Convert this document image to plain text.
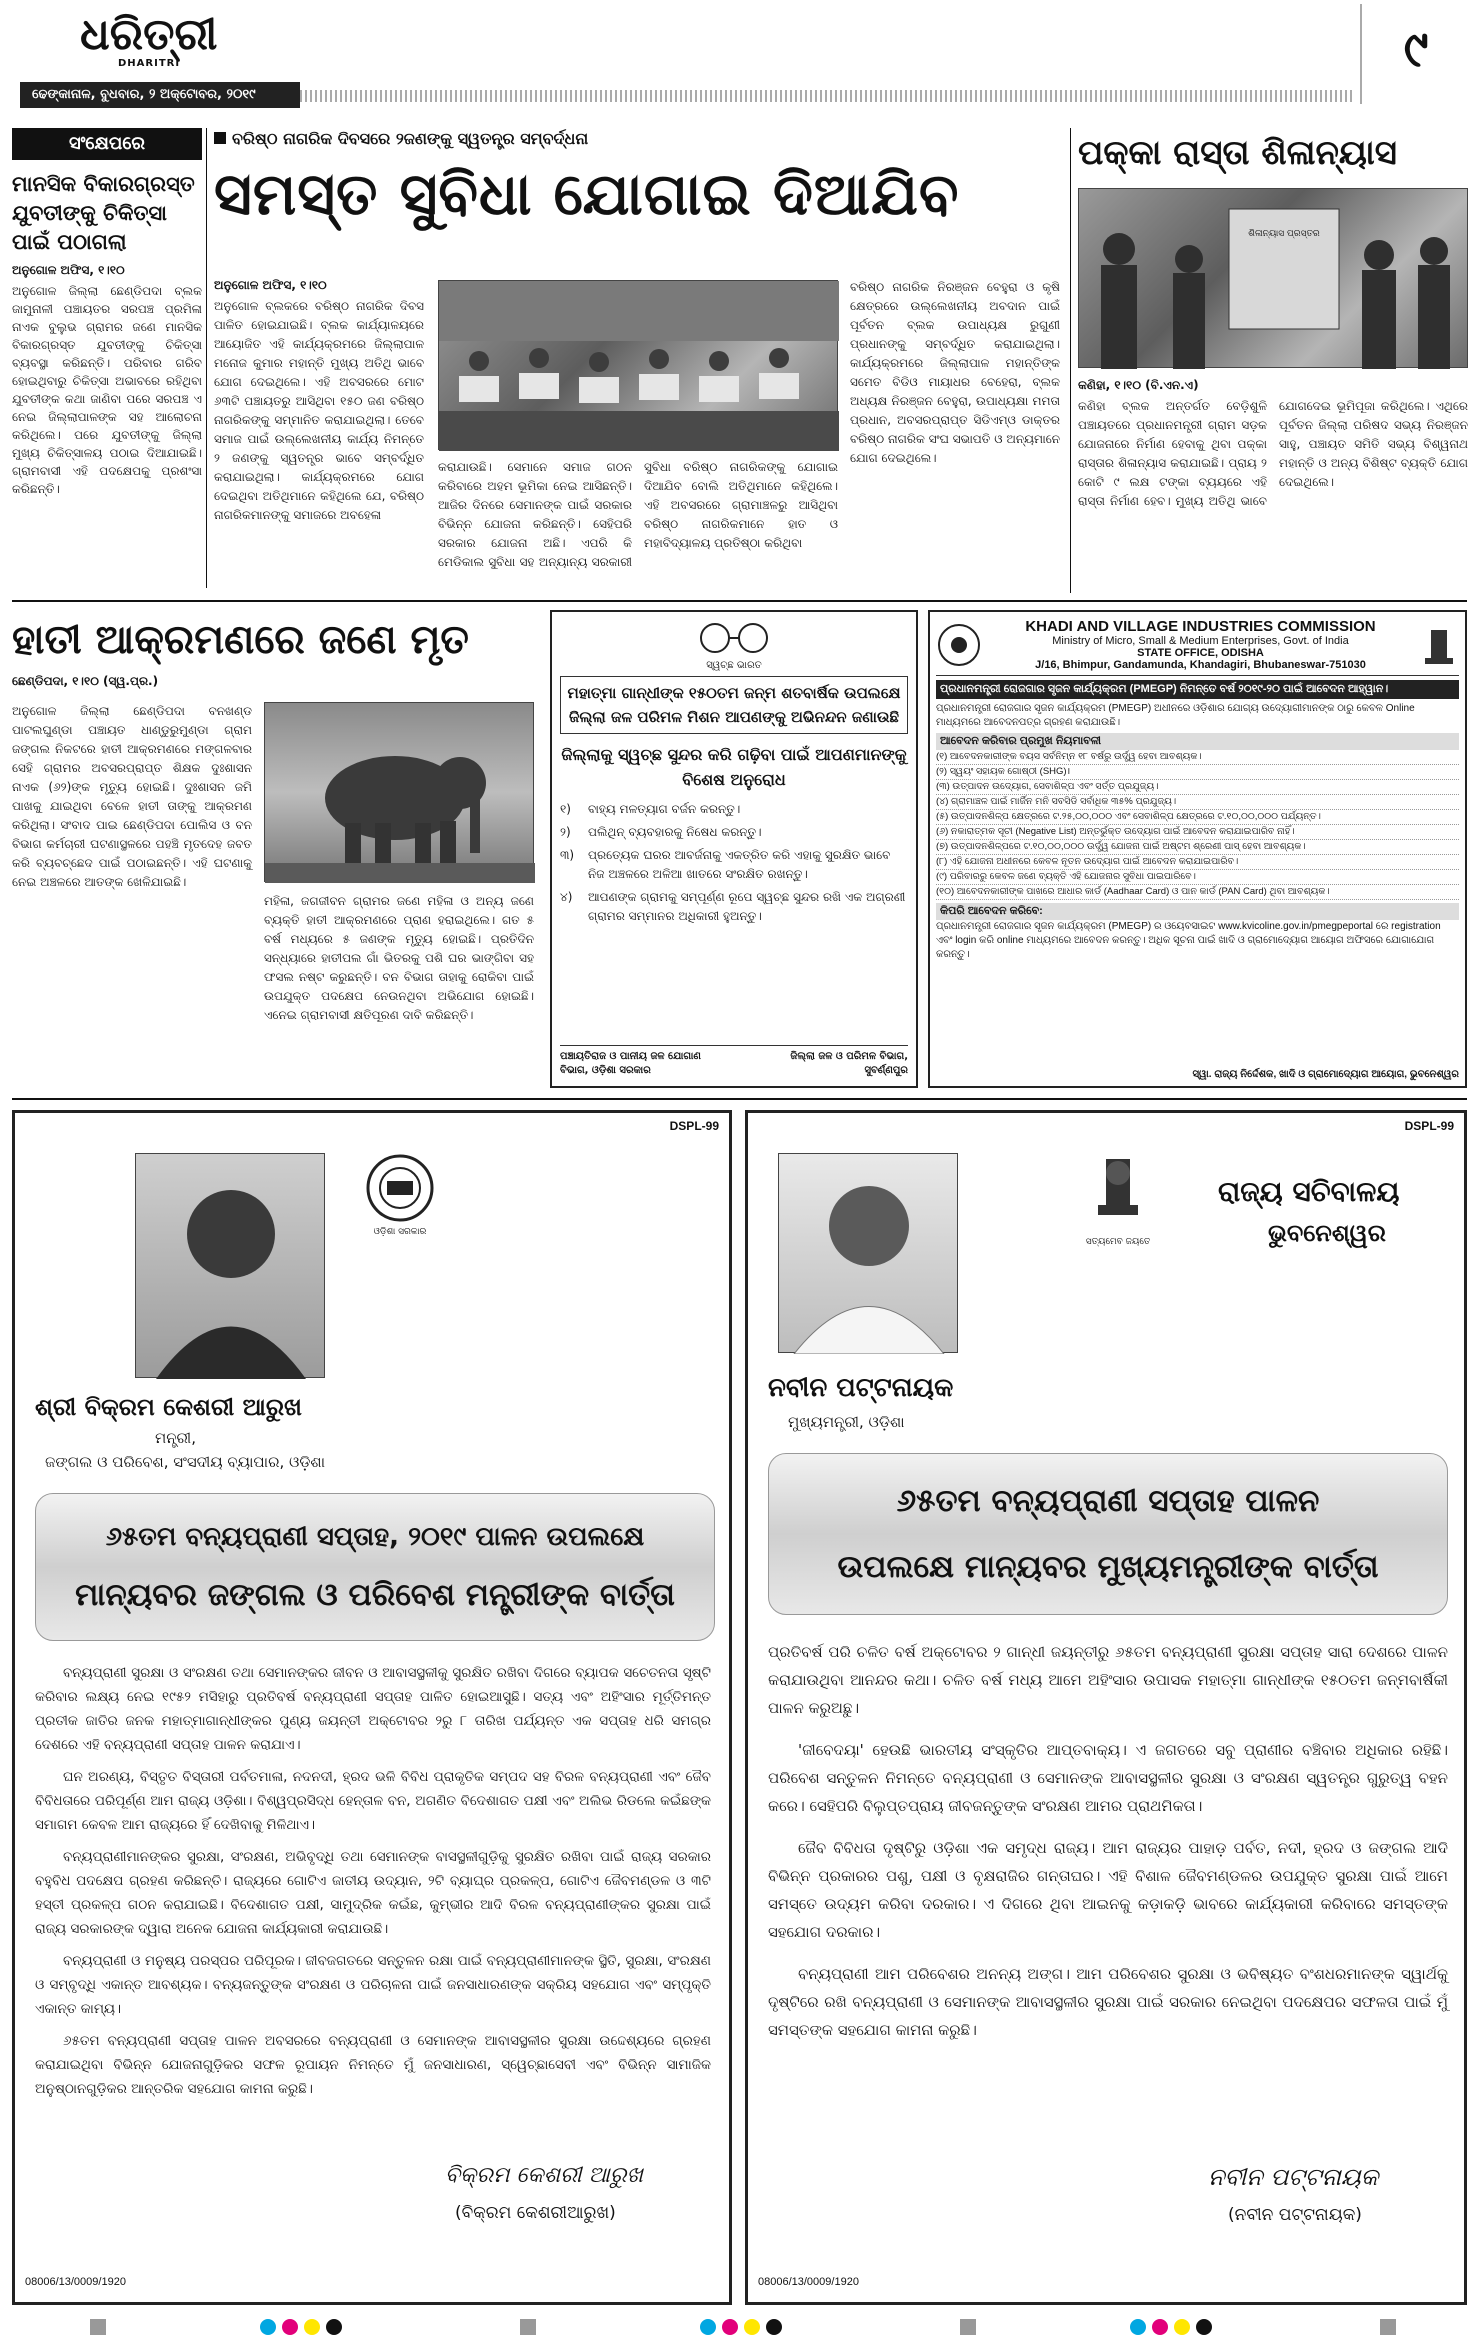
ଧରିତ୍ରୀ
DHARITRI
ଢେଙ୍କାନାଳ, ବୁଧବାର, ୨ ଅକ୍ଟୋବର, ୨୦୧୯
୯
ସଂକ୍ଷେପରେ
ମାନସିକ ବିକାରଗ୍ରସ୍ତ ଯୁବତୀଙ୍କୁ ଚିକିତ୍ସା ପାଇଁ ପଠାଗଲା
ଅନୁଗୋଳ ଅଫିସ, ୧।୧୦
ଅନୁଗୋଳ ଜିଲ୍ଲା ଛେଣ୍ଡିପଦା ବ୍ଲକ ଜାମୁନାଳୀ ପଞ୍ଚାୟତର ସରପଞ୍ଚ ପ୍ରମିଳା ନାଏକ ବୁଲୁଭ ଗ୍ରାମର ଜଣେ ମାନସିକ ବିକାରଗ୍ରସ୍ତ ଯୁବତୀଙ୍କୁ ଚିକିତ୍ସା ବ୍ୟବସ୍ଥା କରିଛନ୍ତି। ପରିବାର ଗରିବ ହୋଇଥିବାରୁ ଚିକିତ୍ସା ଅଭାବରେ ରହିଥିବା ଯୁବତୀଙ୍କ କଥା ଜାଣିବା ପରେ ସରପଞ୍ଚ ଏ ନେଇ ଜିଲ୍ଲାପାଳଙ୍କ ସହ ଆଲୋଚନା କରିଥିଲେ। ପରେ ଯୁବତୀଙ୍କୁ ଜିଲ୍ଲା ମୁଖ୍ୟ ଚିକିତ୍ସାଳୟ ପଠାଇ ଦିଆଯାଇଛି। ଗ୍ରାମବାସୀ ଏହି ପଦକ୍ଷେପକୁ ପ୍ରଶଂସା କରିଛନ୍ତି।
ବରିଷ୍ଠ ନାଗରିକ ଦିବସରେ ୨ଜଣଙ୍କୁ ସ୍ୱତନ୍ତ୍ର ସମ୍ବର୍ଦ୍ଧନା
ସମସ୍ତ ସୁବିଧା ଯୋଗାଇ ଦିଆଯିବ
ଅନୁଗୋଳ ଅଫିସ, ୧।୧୦
ଅନୁଗୋଳ ବ୍ଲକରେ ବରିଷ୍ଠ ନାଗରିକ ଦିବସ ପାଳିତ ହୋଇଯାଇଛି। ବ୍ଲକ କାର୍ଯ୍ୟାଳୟରେ ଆୟୋଜିତ ଏହି କାର୍ଯ୍ୟକ୍ରମରେ ଜିଲ୍ଲାପାଳ ମନୋଜ କୁମାର ମହାନ୍ତି ମୁଖ୍ୟ ଅତିଥି ଭାବେ ଯୋଗ ଦେଇଥିଲେ। ଏହି ଅବସରରେ ମୋଟ ୬୩ଟି ପଞ୍ଚାୟତରୁ ଆସିଥିବା ୧୫୦ ଜଣ ବରିଷ୍ଠ ନାଗରିକଙ୍କୁ ସମ୍ମାନିତ କରାଯାଇଥିଲା। ତେବେ ସମାଜ ପାଇଁ ଉଲ୍ଲେଖନୀୟ କାର୍ଯ୍ୟ ନିମନ୍ତେ ୨ ଜଣଙ୍କୁ ସ୍ୱତନ୍ତ୍ର ଭାବେ ସମ୍ବର୍ଦ୍ଧିତ କରାଯାଇଥିଲା। କାର୍ଯ୍ୟକ୍ରମରେ ଯୋଗ ଦେଇଥିବା ଅତିଥିମାନେ କହିଥିଲେ ଯେ, ବରିଷ୍ଠ ନାଗରିକମାନଙ୍କୁ ସମାଜରେ ଅବହେଳା
କରାଯାଉଛି। ସେମାନେ ସମାଜ ଗଠନ କରିବାରେ ଅହମ ଭୂମିକା ନେଇ ଆସିଛନ୍ତି। ଆଜିର ଦିନରେ ସେମାନଙ୍କ ପାଇଁ ସରକାର ବିଭିନ୍ନ ଯୋଜନା କରିଛନ୍ତି। ସେହିପରି ସରକାର ଯୋଜନା ଅଛି। ଏପରି କି ମେଡିକାଲ ସୁବିଧା ସହ ଅନ୍ୟାନ୍ୟ ସରକାରୀ ସୁବିଧା ବରିଷ୍ଠ ନାଗରିକଙ୍କୁ ଯୋଗାଇ ଦିଆଯିବ ବୋଲି ଅତିଥିମାନେ କହିଥିଲେ। ଏହି ଅବସରରେ ଗ୍ରାମାଞ୍ଚଳରୁ ଆସିଥିବା ବରିଷ୍ଠ ନାଗରିକମାନେ ହାତ ଓ ମହାବିଦ୍ୟାଳୟ ପ୍ରତିଷ୍ଠା କରିଥିବା
ବରିଷ୍ଠ ନାଗରିକ ନିରଞ୍ଜନ ବେହୁରା ଓ କୃଷି କ୍ଷେତ୍ରରେ ଉଲ୍ଲେଖନୀୟ ଅବଦାନ ପାଇଁ ପୂର୍ବତନ ବ୍ଲକ ଉପାଧ୍ୟକ୍ଷ ରୁଗୁଣୀ ପ୍ରଧାନଙ୍କୁ ସମ୍ବର୍ଦ୍ଧିତ କରାଯାଇଥିଲା। କାର୍ଯ୍ୟକ୍ରମରେ ଜିଲ୍ଲାପାଳ ମହାନ୍ତିଙ୍କ ସମେତ ବିଡିଓ ମାୟାଧର ବେହେରା, ବ୍ଲକ ଅଧ୍ୟକ୍ଷ ନିରଞ୍ଜନ ବେହୁରା, ଉପାଧ୍ୟକ୍ଷା ମମତା ପ୍ରଧାନ, ଅବସରପ୍ରାପ୍ତ ସିଡିଏମ୍ଓ ଡାକ୍ତର ବରିଷ୍ଠ ନାଗରିକ ସଂଘ ସଭାପତି ଓ ଅନ୍ୟମାନେ ଯୋଗ ଦେଇଥିଲେ।
ପକ୍କା ରାସ୍ତା ଶିଳାନ୍ୟାସ
ଶିଳାନ୍ୟାସ ପ୍ରସ୍ତର
କଣିହା, ୧।୧୦ (ବି.ଏନ.ଏ)
କଣିହା ବ୍ଲକ ଅନ୍ତର୍ଗତ ବେଡ଼ିଶୁଳି ପଞ୍ଚାୟତରେ ପ୍ରଧାନମନ୍ତ୍ରୀ ଗ୍ରାମ ସଡ଼କ ଯୋଜନାରେ ନିର୍ମାଣ ହେବାକୁ ଥିବା ପକ୍କା ରାସ୍ତାର ଶିଳାନ୍ୟାସ କରାଯାଇଛି। ପ୍ରାୟ ୨ କୋଟି ୯ ଲକ୍ଷ ଟଙ୍କା ବ୍ୟୟରେ ଏହି ରାସ୍ତା ନିର୍ମାଣ ହେବ। ମୁଖ୍ୟ ଅତିଥି ଭାବେ ଯୋଗଦେଇ ଭୂମିପୂଜା କରିଥିଲେ। ଏଥିରେ ପୂର୍ବତନ ଜିଲ୍ଲା ପରିଷଦ ସଭ୍ୟ ନିରଞ୍ଜନ ସାହୁ, ପଞ୍ଚାୟତ ସମିତି ସଭ୍ୟ ବିଶ୍ୱନାଥ ମହାନ୍ତି ଓ ଅନ୍ୟ ବିଶିଷ୍ଟ ବ୍ୟକ୍ତି ଯୋଗ ଦେଇଥିଲେ।
ହାତୀ ଆକ୍ରମଣରେ ଜଣେ ମୃତ
ଛେଣ୍ଡିପଦା, ୧।୧୦ (ସ୍ୱ.ପ୍ର.)
ଅନୁଗୋଳ ଜିଲ୍ଲା ଛେଣ୍ଡିପଦା ବନଖଣ୍ଡ ପାଟଲଘୁଣ୍ଡା ପଞ୍ଚାୟତ ଧାଣ୍ଡୁରୁମୁଣ୍ଡା ଗ୍ରାମ ଜଙ୍ଗଲ ନିକଟରେ ହାତୀ ଆକ୍ରମଣରେ ମଙ୍ଗଳବାର ସେହି ଗ୍ରାମର ଅବସରପ୍ରାପ୍ତ ଶିକ୍ଷକ ଦୁଃଶାସନ ନାଏକ (୬୨)ଙ୍କ ମୃତ୍ୟୁ ହୋଇଛି। ଦୁଃଶାସନ ଜମି ପାଖକୁ ଯାଇଥିବା ବେଳେ ହାତୀ ତାଙ୍କୁ ଆକ୍ରମଣ କରିଥିଲା। ସଂବାଦ ପାଇ ଛେଣ୍ଡିପଦା ପୋଲିସ ଓ ବନ ବିଭାଗ କର୍ମଚାରୀ ଘଟଣାସ୍ଥଳରେ ପହଞ୍ଚି ମୃତଦେହ ଜବତ କରି ବ୍ୟବଚ୍ଛେଦ ପାଇଁ ପଠାଇଛନ୍ତି। ଏହି ଘଟଣାକୁ ନେଇ ଅଞ୍ଚଳରେ ଆତଙ୍କ ଖେଳିଯାଇଛି।
ମହିଳା, ଜଗଜୀବନ ଗ୍ରାମର ଜଣେ ମହିଳା ଓ ଅନ୍ୟ ଜଣେ ବ୍ୟକ୍ତି ହାତୀ ଆକ୍ରମଣରେ ପ୍ରାଣ ହରାଇଥିଲେ। ଗତ ୫ ବର୍ଷ ମଧ୍ୟରେ ୫ ଜଣଙ୍କ ମୃତ୍ୟୁ ହୋଇଛି। ପ୍ରତିଦିନ ସନ୍ଧ୍ୟାରେ ହାତୀପଲ ଗାଁ ଭିତରକୁ ପଶି ଘର ଭାଙ୍ଗିବା ସହ ଫସଲ ନଷ୍ଟ କରୁଛନ୍ତି। ବନ ବିଭାଗ ତାହାକୁ ରୋକିବା ପାଇଁ ଉପଯୁକ୍ତ ପଦକ୍ଷେପ ନେଉନଥିବା ଅଭିଯୋଗ ହୋଇଛି। ଏନେଇ ଗ୍ରାମବାସୀ କ୍ଷତିପୂରଣ ଦାବି କରିଛନ୍ତି।
ସ୍ୱଚ୍ଛ ଭାରତ
ମହାତ୍ମା ଗାନ୍ଧୀଙ୍କ ୧୫୦ତମ ଜନ୍ମ ଶତବାର୍ଷିକ ଉପଲକ୍ଷେ ଜିଲ୍ଲା ଜଳ ପରିମଳ ମିଶନ ଆପଣଙ୍କୁ ଅଭିନନ୍ଦନ ଜଣାଉଛି
ଜିଲ୍ଲାକୁ ସ୍ୱଚ୍ଛ ସୁନ୍ଦର କରି ଗଢ଼ିବା ପାଇଁ ଆପଣମାନଙ୍କୁ ବିଶେଷ ଅନୁରୋଧ
୧)	ବାହ୍ୟ ମଳତ୍ୟାଗ ବର୍ଜନ କରନ୍ତୁ।
୨)	ପଲିଥିନ୍ ବ୍ୟବହାରକୁ ନିଷେଧ କରନ୍ତୁ।
୩)	ପ୍ରତ୍ୟେକ ଘରର ଆବର୍ଜନାକୁ ଏକତ୍ରିତ କରି ଏହାକୁ ସୁରକ୍ଷିତ ଭାବେ ନିଜ ଅଞ୍ଚଳରେ ଅଳିଆ ଖାତରେ ସଂରକ୍ଷିତ ରଖନ୍ତୁ।
୪)	ଆପଣଙ୍କ ଗ୍ରାମକୁ ସମ୍ପୂର୍ଣ୍ଣ ରୂପେ ସ୍ୱଚ୍ଛ ସୁନ୍ଦର ରଖି ଏକ ଅଗ୍ରଣୀ ଗ୍ରାମର ସମ୍ମାନର ଅଧିକାରୀ ହୁଅନ୍ତୁ।
ପଞ୍ଚାୟତିରାଜ ଓ ପାନୀୟ ଜଳ ଯୋଗାଣ ବିଭାଗ, ଓଡ଼ିଶା ସରକାର
ଜିଲ୍ଲା ଜଳ ଓ ପରିମଳ ବିଭାଗ, ସୁବର୍ଣ୍ଣପୁର
KHADI AND VILLAGE INDUSTRIES COMMISSION
Ministry of Micro, Small & Medium Enterprises, Govt. of India
STATE OFFICE, ODISHA
J/16, Bhimpur, Gandamunda, Khandagiri, Bhubaneswar-751030
ପ୍ରଧାନମନ୍ତ୍ରୀ ରୋଜଗାର ସୃଜନ କାର୍ଯ୍ୟକ୍ରମ (PMEGP) ନିମନ୍ତେ ବର୍ଷ ୨୦୧୯-୨୦ ପାଇଁ ଆବେଦନ ଆହ୍ୱାନ।
ପ୍ରଧାନମନ୍ତ୍ରୀ ରୋଜଗାର ସୃଜନ କାର୍ଯ୍ୟକ୍ରମ (PMEGP) ଅଧୀନରେ ଓଡ଼ିଶାର ଯୋଗ୍ୟ ଉଦ୍ୟୋଗୀମାନଙ୍କ ଠାରୁ କେବଳ Online ମାଧ୍ୟମରେ ଆବେଦନପତ୍ର ଗ୍ରହଣ କରାଯାଉଛି।
ଆବେଦନ କରିବାର ପ୍ରମୁଖ ନିୟମାବଳୀ
(୧) ଆବେଦନକାରୀଙ୍କ ବୟସ ସର୍ବନିମ୍ନ ୧୮ ବର୍ଷରୁ ଉର୍ଦ୍ଧ୍ୱ ହେବା ଆବଶ୍ୟକ।
(୨) ସ୍ୱୟଂ ସହାୟକ ଗୋଷ୍ଠୀ (SHG)।
(୩) ଉତ୍ପାଦନ ଉଦ୍ୟୋଗ, ସେବାଶିଳ୍ପ ଏବଂ ସର୍ତ୍ତ ପ୍ରଯୁଜ୍ୟ।
(୪) ଗ୍ରାମାଞ୍ଚଳ ପାଇଁ ମାର୍ଜିନ ମନି ସବସିଡି ସର୍ବାଧିକ ୩୫% ପ୍ରଯୁଜ୍ୟ।
(୫) ଉତ୍ପାଦନଶିଳ୍ପ କ୍ଷେତ୍ରରେ ଟ.୨୫,୦୦,୦୦୦ ଏବଂ ସେବାଶିଳ୍ପ କ୍ଷେତ୍ରରେ ଟ.୧୦,୦୦,୦୦୦ ପର୍ଯ୍ୟନ୍ତ।
(୬) ନକାରାତ୍ମକ ସୂଚୀ (Negative List) ଅନ୍ତର୍ଭୁକ୍ତ ଉଦ୍ୟୋଗ ପାଇଁ ଆବେଦନ କରାଯାଇପାରିବ ନାହିଁ।
(୭) ଉତ୍ପାଦନଶିଳ୍ପରେ ଟ.୧୦,୦୦,୦୦୦ ଉର୍ଦ୍ଧ୍ୱ ଯୋଜନା ପାଇଁ ଅଷ୍ଟମ ଶ୍ରେଣୀ ପାସ୍ ହେବା ଆବଶ୍ୟକ।
(୮) ଏହି ଯୋଜନା ଅଧୀନରେ କେବଳ ନୂତନ ଉଦ୍ୟୋଗ ପାଇଁ ଆବେଦନ କରାଯାଇପାରିବ।
(୯) ପରିବାରରୁ କେବଳ ଜଣେ ବ୍ୟକ୍ତି ଏହି ଯୋଜନାର ସୁବିଧା ପାଇପାରିବେ।
(୧୦) ଆବେଦନକାରୀଙ୍କ ପାଖରେ ଆଧାର କାର୍ଡ (Aadhaar Card) ଓ ପାନ କାର୍ଡ (PAN Card) ଥିବା ଆବଶ୍ୟକ।
କିପରି ଆବେଦନ କରିବେ:
ପ୍ରଧାନମନ୍ତ୍ରୀ ରୋଜଗାର ସୃଜନ କାର୍ଯ୍ୟକ୍ରମ (PMEGP) ର ଓୟେବସାଇଟ www.kvicoline.gov.in/pmegpeportal ରେ registration ଏବଂ login କରି online ମାଧ୍ୟମରେ ଆବେଦନ କରନ୍ତୁ। ଅଧିକ ସୂଚନା ପାଇଁ ଖାଦି ଓ ଗ୍ରାମୋଦ୍ୟୋଗ ଆୟୋଗ ଅଫିସରେ ଯୋଗାଯୋଗ କରନ୍ତୁ।
ସ୍ୱା. ରାଜ୍ୟ ନିର୍ଦ୍ଦେଶକ, ଖାଦି ଓ ଗ୍ରାମୋଦ୍ୟୋଗ ଆୟୋଗ, ଭୁବନେଶ୍ୱର
DSPL-99
ଓଡ଼ିଶା ସରକାର
ଶ୍ରୀ ବିକ୍ରମ କେଶରୀ ଆରୁଖ
ମନ୍ତ୍ରୀ,
ଜଙ୍ଗଲ ଓ ପରିବେଶ, ସଂସଦୀୟ ବ୍ୟାପାର, ଓଡ଼ିଶା
୬୫ତମ ବନ୍ୟପ୍ରାଣୀ ସପ୍ତାହ, ୨୦୧୯ ପାଳନ ଉପଲକ୍ଷେ
ମାନ୍ୟବର ଜଙ୍ଗଲ ଓ ପରିବେଶ ମନ୍ତ୍ରୀଙ୍କ ବାର୍ତ୍ତା

ବନ୍ୟପ୍ରାଣୀ ସୁରକ୍ଷା ଓ ସଂରକ୍ଷଣ ତଥା ସେମାନଙ୍କର ଜୀବନ ଓ ଆବାସସ୍ଥଳୀକୁ ସୁରକ୍ଷିତ ରଖିବା ଦିଗରେ ବ୍ୟାପକ ସଚେତନତା ସୃଷ୍ଟି କରିବାର ଲକ୍ଷ୍ୟ ନେଇ ୧୯୫୨ ମସିହାରୁ ପ୍ରତିବର୍ଷ ବନ୍ୟପ୍ରାଣୀ ସପ୍ତାହ ପାଳିତ ହୋଇଆସୁଛି। ସତ୍ୟ ଏବଂ ଅହିଂସାର ମୂର୍ତ୍ତିମନ୍ତ ପ୍ରତୀକ ଜାତିର ଜନକ ମହାତ୍ମାଗାନ୍ଧୀଙ୍କର ପୁଣ୍ୟ ଜୟନ୍ତୀ ଅକ୍ଟୋବର ୨ରୁ ୮ ତାରିଖ ପର୍ଯ୍ୟନ୍ତ ଏକ ସପ୍ତାହ ଧରି ସମଗ୍ର ଦେଶରେ ଏହି ବନ୍ୟପ୍ରାଣୀ ସପ୍ତାହ ପାଳନ କରାଯାଏ।

ଘନ ଅରଣ୍ୟ, ବିସ୍ତୃତ ବିସ୍ତାରୀ ପର୍ବତମାଳା, ନଦନଦୀ, ହ୍ରଦ ଭଳି ବିବିଧ ପ୍ରାକୃତିକ ସମ୍ପଦ ସହ ବିରଳ ବନ୍ୟପ୍ରାଣୀ ଏବଂ ଜୈବ ବିବିଧତାରେ ପରିପୂର୍ଣ୍ଣ ଆମ ରାଜ୍ୟ ଓଡ଼ିଶା। ବିଶ୍ୱପ୍ରସିଦ୍ଧ ହେନ୍ତାଳ ବନ, ଅଗଣିତ ବିଦେଶାଗତ ପକ୍ଷୀ ଏବଂ ଅଲିଭ ରିଡଲେ କଇଁଛଙ୍କ ସମାଗମ କେବଳ ଆମ ରାଜ୍ୟରେ ହିଁ ଦେଖିବାକୁ ମିଳିଥାଏ।

ବନ୍ୟପ୍ରାଣୀମାନଙ୍କର ସୁରକ୍ଷା, ସଂରକ୍ଷଣ, ଅଭିବୃଦ୍ଧି ତଥା ସେମାନଙ୍କ ବାସସ୍ଥଳୀଗୁଡ଼ିକୁ ସୁରକ୍ଷିତ ରଖିବା ପାଇଁ ରାଜ୍ୟ ସରକାର ବହୁବିଧ ପଦକ୍ଷେପ ଗ୍ରହଣ କରିଛନ୍ତି। ରାଜ୍ୟରେ ଗୋଟିଏ ଜାତୀୟ ଉଦ୍ୟାନ, ୨ଟି ବ୍ୟାଘ୍ର ପ୍ରକଳ୍ପ, ଗୋଟିଏ ଜୈବମଣ୍ଡଳ ଓ ୩ଟି ହସ୍ତୀ ପ୍ରକଳ୍ପ ଗଠନ କରାଯାଇଛି। ବିଦେଶାଗତ ପକ୍ଷୀ, ସାମୁଦ୍ରିକ କଇଁଛ, କୁମ୍ଭୀର ଆଦି ବିରଳ ବନ୍ୟପ୍ରାଣୀଙ୍କର ସୁରକ୍ଷା ପାଇଁ ରାଜ୍ୟ ସରକାରଙ୍କ ଦ୍ୱାରା ଅନେକ ଯୋଜନା କାର୍ଯ୍ୟକାରୀ କରାଯାଉଛି।

ବନ୍ୟପ୍ରାଣୀ ଓ ମନୁଷ୍ୟ ପରସ୍ପର ପରିପୂରକ। ଜୀବଜଗତରେ ସନ୍ତୁଳନ ରକ୍ଷା ପାଇଁ ବନ୍ୟପ୍ରାଣୀମାନଙ୍କ ସ୍ଥିତି, ସୁରକ୍ଷା, ସଂରକ୍ଷଣ ଓ ସମ୍ବୃଦ୍ଧି ଏକାନ୍ତ ଆବଶ୍ୟକ। ବନ୍ୟଜନ୍ତୁଙ୍କ ସଂରକ୍ଷଣ ଓ ପରିଚାଳନା ପାଇଁ ଜନସାଧାରଣଙ୍କ ସକ୍ରିୟ ସହଯୋଗ ଏବଂ ସମ୍ପୃକ୍ତି ଏକାନ୍ତ କାମ୍ୟ।

୬୫ତମ ବନ୍ୟପ୍ରାଣୀ ସପ୍ତାହ ପାଳନ ଅବସରରେ ବନ୍ୟପ୍ରାଣୀ ଓ ସେମାନଙ୍କ ଆବାସସ୍ଥଳୀର ସୁରକ୍ଷା ଉଦ୍ଦେଶ୍ୟରେ ଗ୍ରହଣ କରାଯାଇଥିବା ବିଭିନ୍ନ ଯୋଜନାଗୁଡ଼ିକର ସଫଳ ରୂପାୟନ ନିମନ୍ତେ ମୁଁ ଜନସାଧାରଣ, ସ୍ୱେଚ୍ଛାସେବୀ ଏବଂ ବିଭିନ୍ନ ସାମାଜିକ ଅନୁଷ୍ଠାନଗୁଡ଼ିକର ଆନ୍ତରିକ ସହଯୋଗ କାମନା କରୁଛି।

ବିକ୍ରମ କେଶରୀ ଆରୁଖ
(ବିକ୍ରମ କେଶରୀଆରୁଖ)
08006/13/0009/1920
DSPL-99
ସତ୍ୟମେବ ଜୟତେ
ରାଜ୍ୟ ସଚିବାଳୟ
ଭୁବନେଶ୍ୱର
ନବୀନ ପଟ୍ଟନାୟକ
ମୁଖ୍ୟମନ୍ତ୍ରୀ, ଓଡ଼ିଶା
୬୫ତମ ବନ୍ୟପ୍ରାଣୀ ସପ୍ତାହ ପାଳନ
ଉପଲକ୍ଷେ ମାନ୍ୟବର ମୁଖ୍ୟମନ୍ତ୍ରୀଙ୍କ ବାର୍ତ୍ତା

ପ୍ରତିବର୍ଷ ପରି ଚଳିତ ବର୍ଷ ଅକ୍ଟୋବର ୨ ଗାନ୍ଧୀ ଜୟନ୍ତୀରୁ ୬୫ତମ ବନ୍ୟପ୍ରାଣୀ ସୁରକ୍ଷା ସପ୍ତାହ ସାରା ଦେଶରେ ପାଳନ କରାଯାଉଥିବା ଆନନ୍ଦର କଥା। ଚଳିତ ବର୍ଷ ମଧ୍ୟ ଆମେ ଅହିଂସାର ଉପାସକ ମହାତ୍ମା ଗାନ୍ଧୀଙ୍କ ୧୫୦ତମ ଜନ୍ମବାର୍ଷିକୀ ପାଳନ କରୁଅଛୁ।

'ଜୀବେଦୟା' ହେଉଛି ଭାରତୀୟ ସଂସ୍କୃତିର ଆପ୍ତବାକ୍ୟ। ଏ ଜଗତରେ ସବୁ ପ୍ରାଣୀର ବଞ୍ଚିବାର ଅଧିକାର ରହିଛି। ପରିବେଶ ସନ୍ତୁଳନ ନିମନ୍ତେ ବନ୍ୟପ୍ରାଣୀ ଓ ସେମାନଙ୍କ ଆବାସସ୍ଥଳୀର ସୁରକ୍ଷା ଓ ସଂରକ୍ଷଣ ସ୍ୱତନ୍ତ୍ର ଗୁରୁତ୍ୱ ବହନ କରେ। ସେହିପରି ବିଲୁପ୍ତପ୍ରାୟ ଜୀବଜନ୍ତୁଙ୍କ ସଂରକ୍ଷଣ ଆମର ପ୍ରାଥମିକତା।

ଜୈବ ବିବିଧତା ଦୃଷ୍ଟିରୁ ଓଡ଼ିଶା ଏକ ସମୃଦ୍ଧ ରାଜ୍ୟ। ଆମ ରାଜ୍ୟର ପାହାଡ଼ ପର୍ବତ, ନଦୀ, ହ୍ରଦ ଓ ଜଙ୍ଗଲ ଆଦି ବିଭିନ୍ନ ପ୍ରକାରର ପଶୁ, ପକ୍ଷୀ ଓ ବୃକ୍ଷରାଜିର ଗନ୍ତାଘର। ଏହି ବିଶାଳ ଜୈବମଣ୍ଡଳର ଉପଯୁକ୍ତ ସୁରକ୍ଷା ପାଇଁ ଆମେ ସମସ୍ତେ ଉଦ୍ୟମ କରିବା ଦରକାର। ଏ ଦିଗରେ ଥିବା ଆଇନକୁ କଡ଼ାକଡ଼ି ଭାବରେ କାର୍ଯ୍ୟକାରୀ କରିବାରେ ସମସ୍ତଙ୍କ ସହଯୋଗ ଦରକାର।

ବନ୍ୟପ୍ରାଣୀ ଆମ ପରିବେଶର ଅନନ୍ୟ ଅଙ୍ଗ। ଆମ ପରିବେଶର ସୁରକ୍ଷା ଓ ଭବିଷ୍ୟତ ବଂଶଧରମାନଙ୍କ ସ୍ୱାର୍ଥକୁ ଦୃଷ୍ଟିରେ ରଖି ବନ୍ୟପ୍ରାଣୀ ଓ ସେମାନଙ୍କ ଆବାସସ୍ଥଳୀର ସୁରକ୍ଷା ପାଇଁ ସରକାର ନେଇଥିବା ପଦକ୍ଷେପର ସଫଳତା ପାଇଁ ମୁଁ ସମସ୍ତଙ୍କ ସହଯୋଗ କାମନା କରୁଛି।

ନବୀନ ପଟ୍ଟନାୟକ
(ନବୀନ ପଟ୍ଟନାୟକ)
08006/13/0009/1920
